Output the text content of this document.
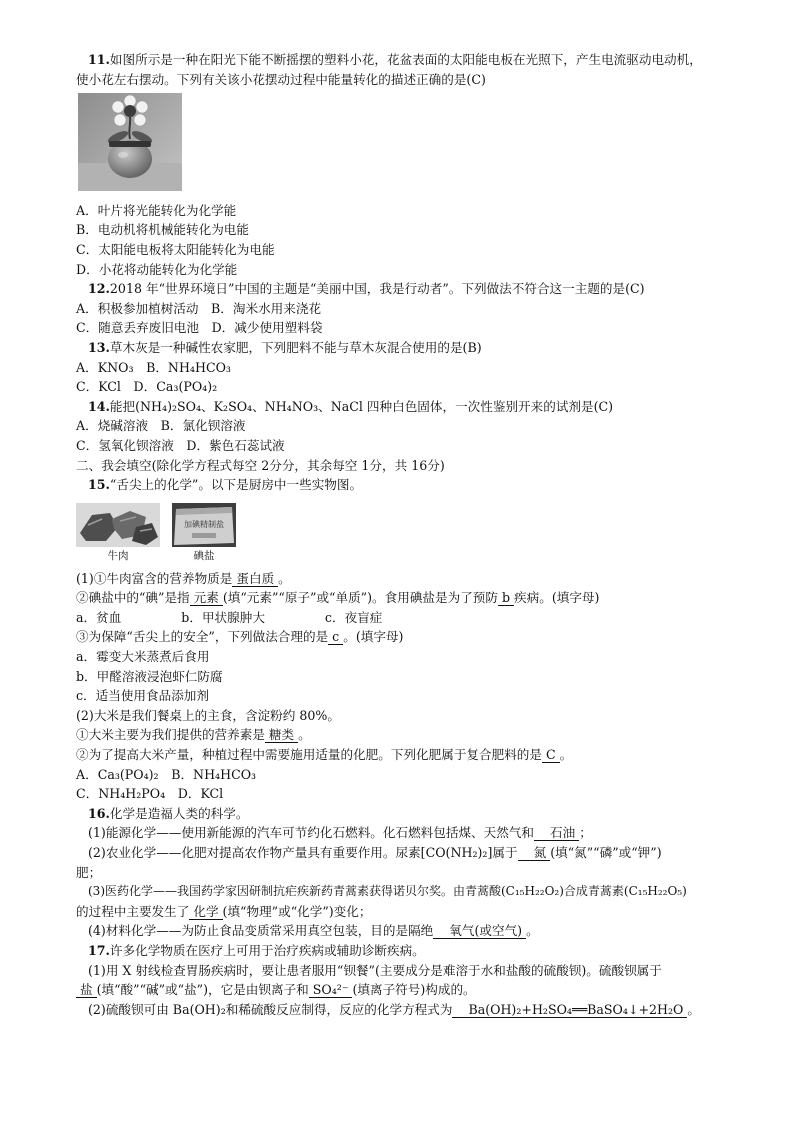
11.如图所示是一种在阳光下能不断摇摆的塑料小花，花盆表面的太阳能电板在光照下，产生电流驱动电动机，
使小花左右摆动。下列有关该小花摆动过程中能量转化的描述正确的是(C)
A．叶片将光能转化为化学能
B．电动机将机械能转化为电能
C．太阳能电板将太阳能转化为电能
D．小花将动能转化为化学能
12.2018 年“世界环境日”中国的主题是“美丽中国，我是行动者”。下列做法不符合这一主题的是(C)
A．积极参加植树活动　B．淘米水用来浇花
C．随意丢弃废旧电池　D．减少使用塑料袋
13.草木灰是一种碱性农家肥，下列肥料不能与草木灰混合使用的是(B)
A．KNO₃　B．NH₄HCO₃
C．KCl　D．Ca₃(PO₄)₂
14.能把(NH₄)₂SO₄、K₂SO₄、NH₄NO₃、NaCl 四种白色固体，一次性鉴别开来的试剂是(C)
A．烧碱溶液　B．氯化钡溶液
C．氢氧化钡溶液　D．紫色石蕊试液
二、我会填空(除化学方程式每空 2分分，其余每空 1分，共 16分)
15.“舌尖上的化学”。以下是厨房中一些实物图。
牛肉
加碘精制盐
碘盐
(1)①牛肉富含的营养物质是 蛋白质 。
②碘盐中的“碘”是指 元素 (填“元素”“原子”或“单质”)。食用碘盐是为了预防 b 疾病。(填字母)
a．贫血	b．甲状腺肿大	c．夜盲症
③为保障“舌尖上的安全”，下列做法合理的是 c 。(填字母)
a．霉变大米蒸煮后食用
b．甲醛溶液浸泡虾仁防腐
c．适当使用食品添加剂
(2)大米是我们餐桌上的主食，含淀粉约 80%。
①大米主要为我们提供的营养素是 糖类 。
②为了提高大米产量，种植过程中需要施用适量的化肥。下列化肥属于复合肥料的是 C 。
A．Ca₃(PO₄)₂　B．NH₄HCO₃
C．NH₄H₂PO₄　D．KCl
16.化学是造福人类的科学。
(1)能源化学——使用新能源的汽车可节约化石燃料。化石燃料包括煤、天然气和 石油 ；
(2)农业化学——化肥对提高农作物产量具有重要作用。尿素[CO(NH₂)₂]属于 氮 (填“氮”“磷”或“钾”)
肥；
(3)医药化学——我国药学家因研制抗疟疾新药青蒿素获得诺贝尔奖。由青蒿酸(C₁₅H₂₂O₂)合成青蒿素(C₁₅H₂₂O₅)
的过程中主要发生了 化学 (填“物理”或“化学”)变化；
(4)材料化学——为防止食品变质常采用真空包装，目的是隔绝 氧气(或空气) 。
17.许多化学物质在医疗上可用于治疗疾病或辅助诊断疾病。
(1)用 X 射线检查胃肠疾病时，要让患者服用“钡餐”(主要成分是难溶于水和盐酸的硫酸钡)。硫酸钡属于
盐 (填“酸”“碱”或“盐”)，它是由钡离子和 SO₄²⁻ (填离子符号)构成的。
(2)硫酸钡可由 Ba(OH)₂和稀硫酸反应制得，反应的化学方程式为 Ba(OH)₂+H₂SO₄══BaSO₄↓+2H₂O 。
